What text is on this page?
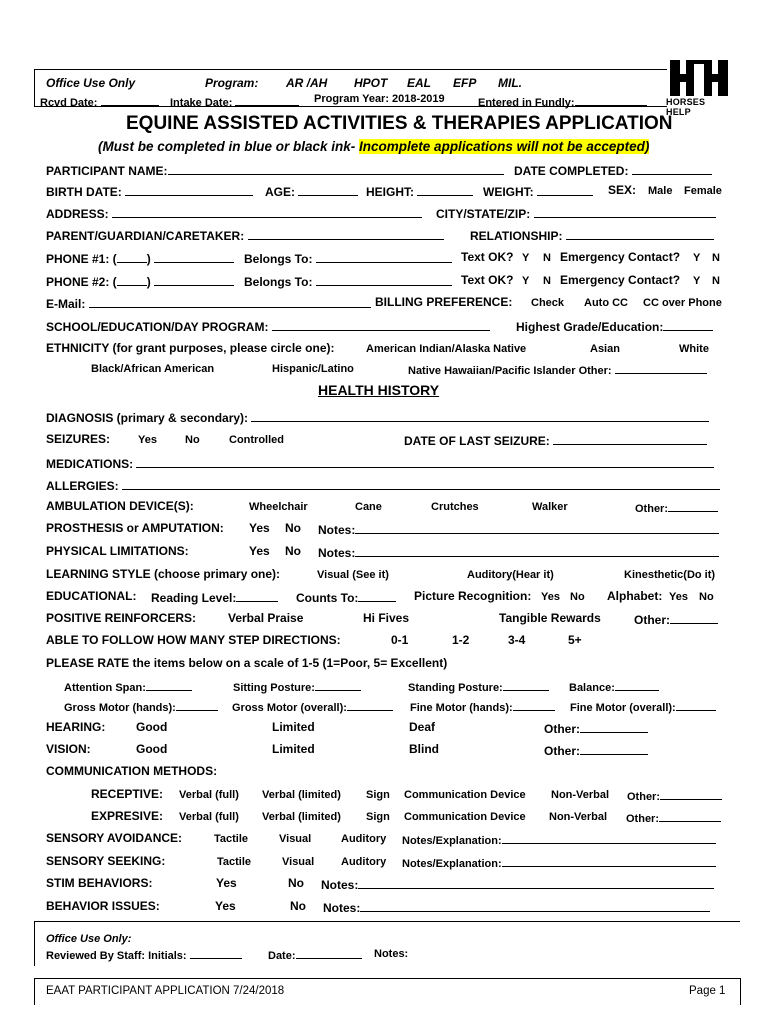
Office Use Only	Program: AR /AH HPOT EAL EFP MIL.
Rcvd Date:	Intake Date:	Program Year: 2018-2019	Entered in Fundly:	HORSES HELP
EQUINE ASSISTED ACTIVITIES & THERAPIES APPLICATION
(Must be completed in blue or black ink- Incomplete applications will not be accepted)
PARTICIPANT NAME:	DATE COMPLETED:
BIRTH DATE:	AGE:	HEIGHT:	WEIGHT:	SEX: Male Female
ADDRESS:	CITY/STATE/ZIP:
PARENT/GUARDIAN/CARETAKER:	RELATIONSHIP:
PHONE #1: (	)	Belongs To:	Text OK? Y N Emergency Contact? Y N
PHONE #2: (	)	Belongs To:	Text OK? Y N Emergency Contact? Y N
E-Mail:	BILLING PREFERENCE: Check Auto CC CC over Phone
SCHOOL/EDUCATION/DAY PROGRAM:	Highest Grade/Education:
ETHNICITY (for grant purposes, please circle one):	American Indian/Alaska Native	Asian	White
Black/African American	Hispanic/Latino	Native Hawaiian/Pacific Islander Other:
HEALTH HISTORY
DIAGNOSIS (primary & secondary):
SEIZURES:	Yes	No	Controlled	DATE OF LAST SEIZURE:
MEDICATIONS:
ALLERGIES:
AMBULATION DEVICE(S):	Wheelchair	Cane	Crutches	Walker	Other:
PROSTHESIS or AMPUTATION: Yes No Notes:
PHYSICAL LIMITATIONS:	Yes No Notes:
LEARNING STYLE (choose primary one):	Visual (See it)	Auditory(Hear it)	Kinesthetic(Do it)
EDUCATIONAL: Reading Level:	Counts To:	Picture Recognition: Yes No Alphabet: Yes No
POSITIVE REINFORCERS:	Verbal Praise	Hi Fives	Tangible Rewards	Other:
ABLE TO FOLLOW HOW MANY STEP DIRECTIONS:	0-1	1-2	3-4	5+
PLEASE RATE the items below on a scale of 1-5 (1=Poor, 5= Excellent)
Attention Span:	Sitting Posture:	Standing Posture:	Balance:
Gross Motor (hands):	Gross Motor (overall):	Fine Motor (hands):	Fine Motor (overall):
HEARING:	Good	Limited	Deaf	Other:
VISION:	Good	Limited	Blind	Other:
COMMUNICATION METHODS:
RECEPTIVE: Verbal (full) Verbal (limited) Sign Communication Device Non-Verbal Other:
EXPRESIVE: Verbal (full) Verbal (limited) Sign Communication Device Non-Verbal Other:
SENSORY AVOIDANCE:	Tactile	Visual	Auditory Notes/Explanation:
SENSORY SEEKING:	Tactile	Visual Auditory Notes/Explanation:
STIM BEHAVIORS:	Yes	No Notes:
BEHAVIOR ISSUES:	Yes	No Notes:
Office Use Only:
Reviewed By Staff: Initials:	Date:	Notes:
EAAT PARTICIPANT APPLICATION 7/24/2018	Page 1
